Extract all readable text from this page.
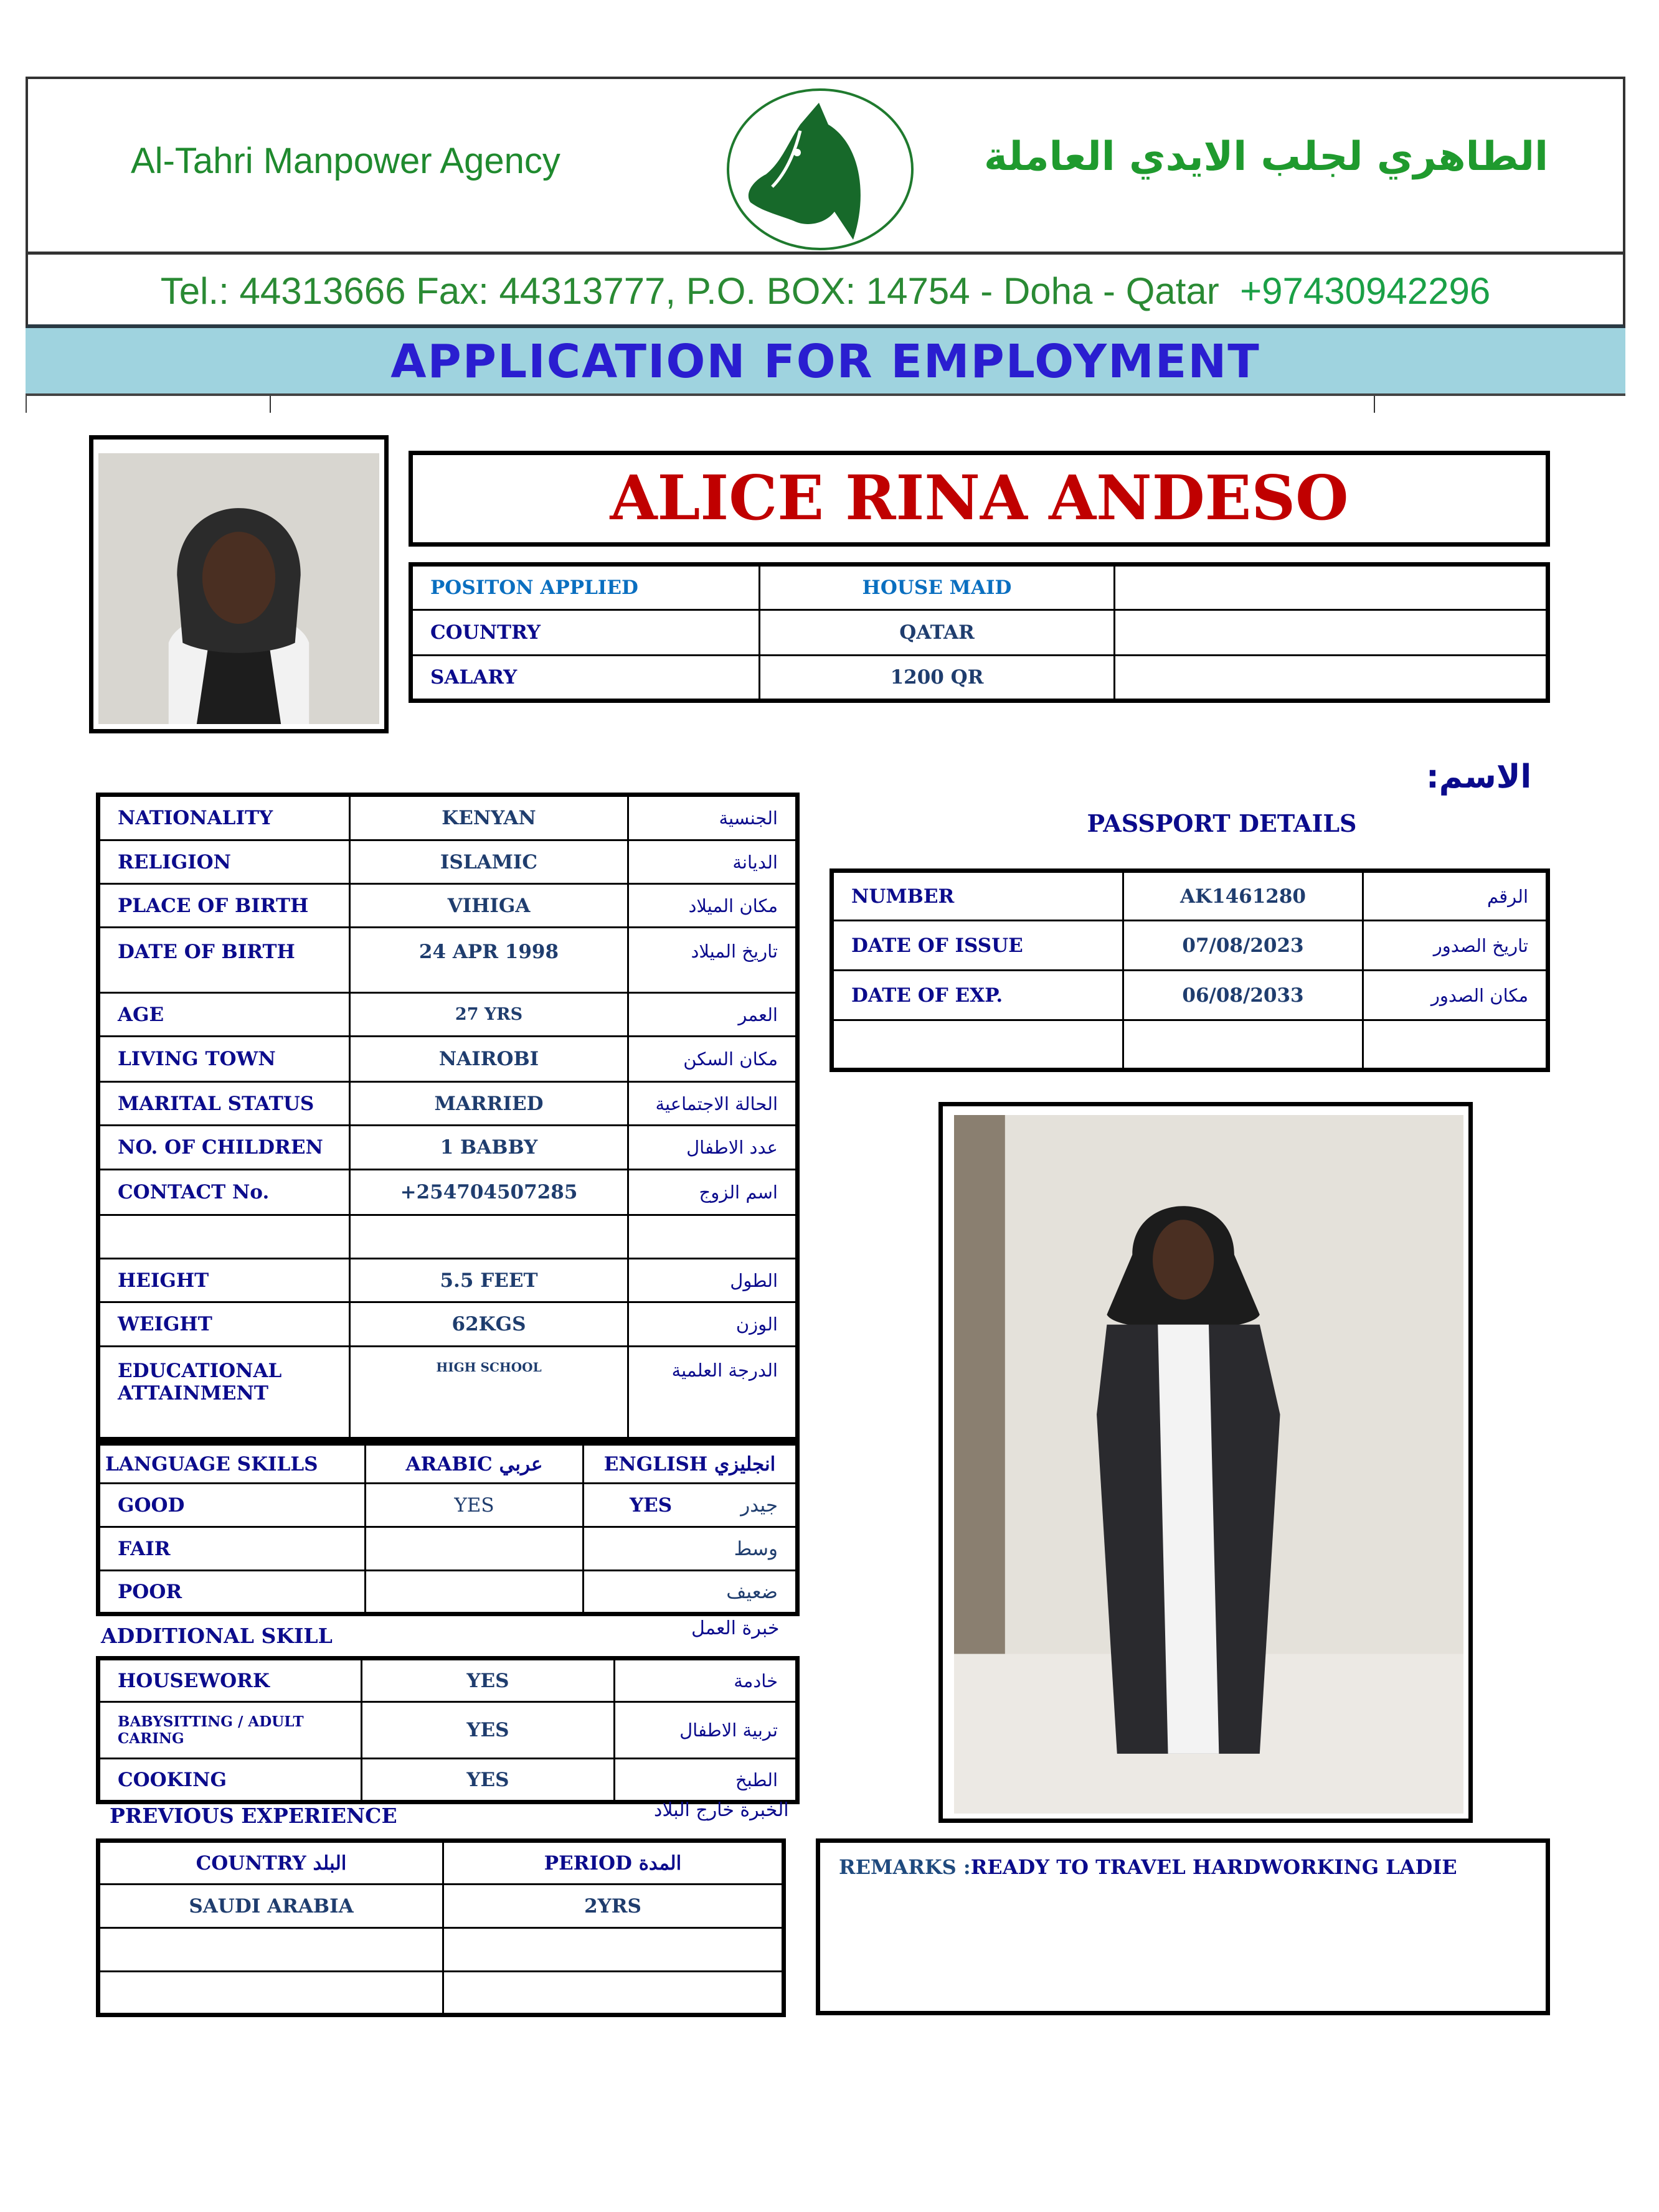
Al-Tahri Manpower Agency	الطاهري لجلب الايدي العاملة
Tel.: 44313666 Fax: 44313777, P.O. BOX: 14754 - Doha - Qatar +97430942296
APPLICATION FOR EMPLOYMENT
ALICE RINA ANDESO
POSITON APPLIED	HOUSE MAID	
COUNTRY	QATAR	
SALARY	1200 QR	
الاسم:
PASSPORT DETAILS
NUMBER	AK1461280	الرقم
DATE OF ISSUE	07/08/2023	تاريخ الصدور
DATE OF EXP.	06/08/2033	مكان الصدور

NATIONALITY	KENYAN	الجنسية
RELIGION	ISLAMIC	الديانة
PLACE OF BIRTH	VIHIGA	مكان الميلاد
DATE OF BIRTH	24 APR 1998	تاريخ الميلاد
AGE	27 YRS	العمر
LIVING TOWN	NAIROBI	مكان السكن
MARITAL STATUS	MARRIED	الحالة الاجتماعية
NO. OF CHILDREN	1 BABBY	عدد الاطفال
CONTACT No.	+254704507285	اسم الزوج

HEIGHT	5.5 FEET	الطول
WEIGHT	62KGS	الوزن
EDUCATIONAL ATTAINMENT	HIGH SCHOOL	الدرجة العلمية
LANGUAGE SKILLS	ARABIC عربي	ENGLISH انجليزي
GOOD	YES	YES جيدر

FAIR		وسط

POOR		ضعيف
ADDITIONAL SKILL	خبرة العمل
HOUSEWORK	YES	خادمة
BABYSITTING / ADULT CARING	YES	تربية الاطفال
COOKING	YES	الطبخ
PREVIOUS EXPERIENCE	الخبرة خارج البلاد
COUNTRY البلد	PERIOD المدة
SAUDI ARABIA	2YRS

REMARKS :READY TO TRAVEL HARDWORKING LADIE
